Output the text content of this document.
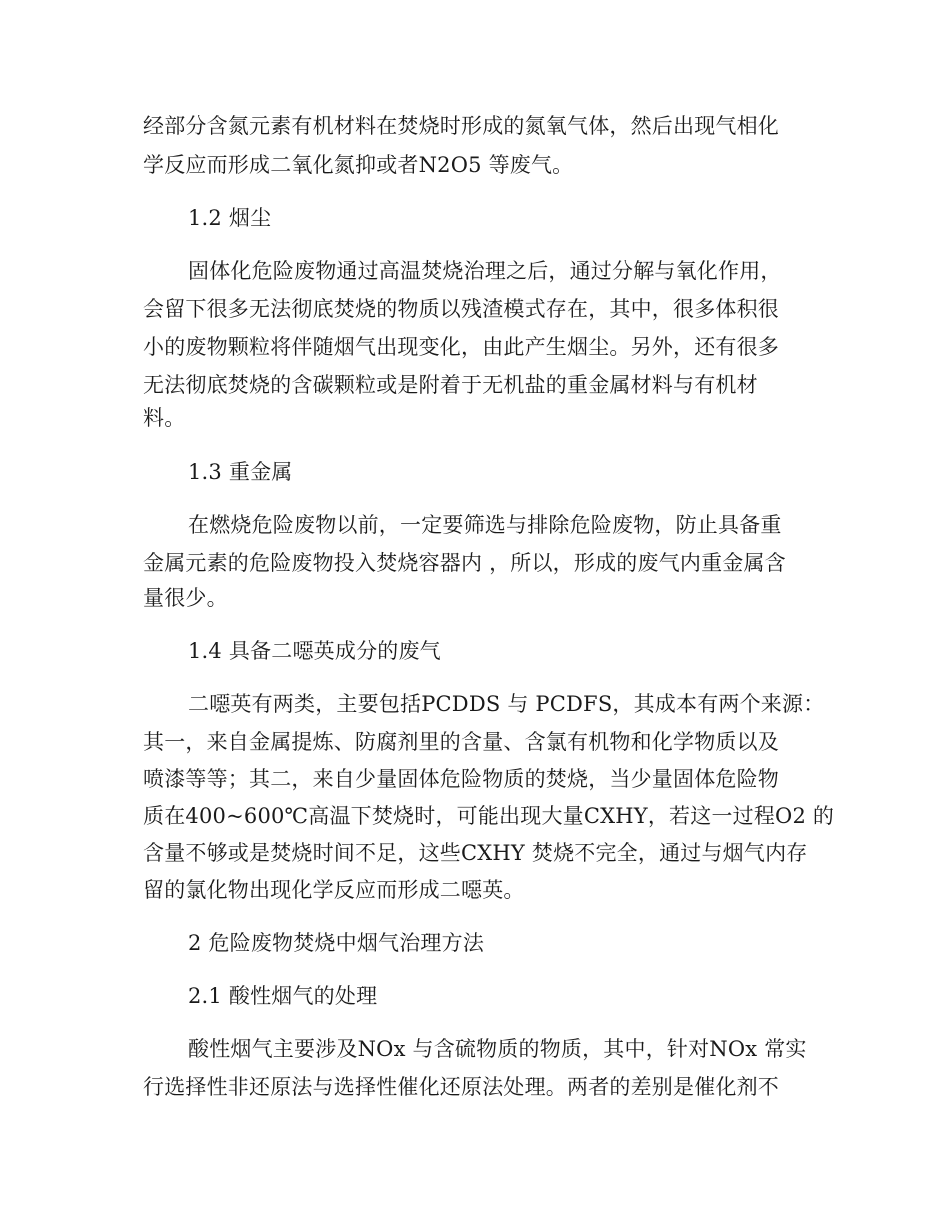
经部分含氮元素有机材料在焚烧时形成的氮氧气体，然后出现气相化
学反应而形成二氧化氮抑或者N2O5 等废气。
1.2 烟尘
固体化危险废物通过高温焚烧治理之后，通过分解与氧化作用，
会留下很多无法彻底焚烧的物质以残渣模式存在，其中，很多体积很
小的废物颗粒将伴随烟气出现变化，由此产生烟尘。另外，还有很多
无法彻底焚烧的含碳颗粒或是附着于无机盐的重金属材料与有机材
料。
1.3 重金属
在燃烧危险废物以前，一定要筛选与排除危险废物，防止具备重
金属元素的危险废物投入焚烧容器内 ，所以，形成的废气内重金属含
量很少。
1.4 具备二噁英成分的废气
二噁英有两类，主要包括PCDDS 与 PCDFS，其成本有两个来源：
其一，来自金属提炼、防腐剂里的含量、含氯有机物和化学物质以及
喷漆等等；其二，来自少量固体危险物质的焚烧，当少量固体危险物
质在400~600℃高温下焚烧时，可能出现大量CXHY，若这一过程O2 的
含量不够或是焚烧时间不足，这些CXHY 焚烧不完全，通过与烟气内存
留的氯化物出现化学反应而形成二噁英。
2 危险废物焚烧中烟气治理方法
2.1 酸性烟气的处理
酸性烟气主要涉及NOx 与含硫物质的物质，其中，针对NOx 常实
行选择性非还原法与选择性催化还原法处理。两者的差别是催化剂不
